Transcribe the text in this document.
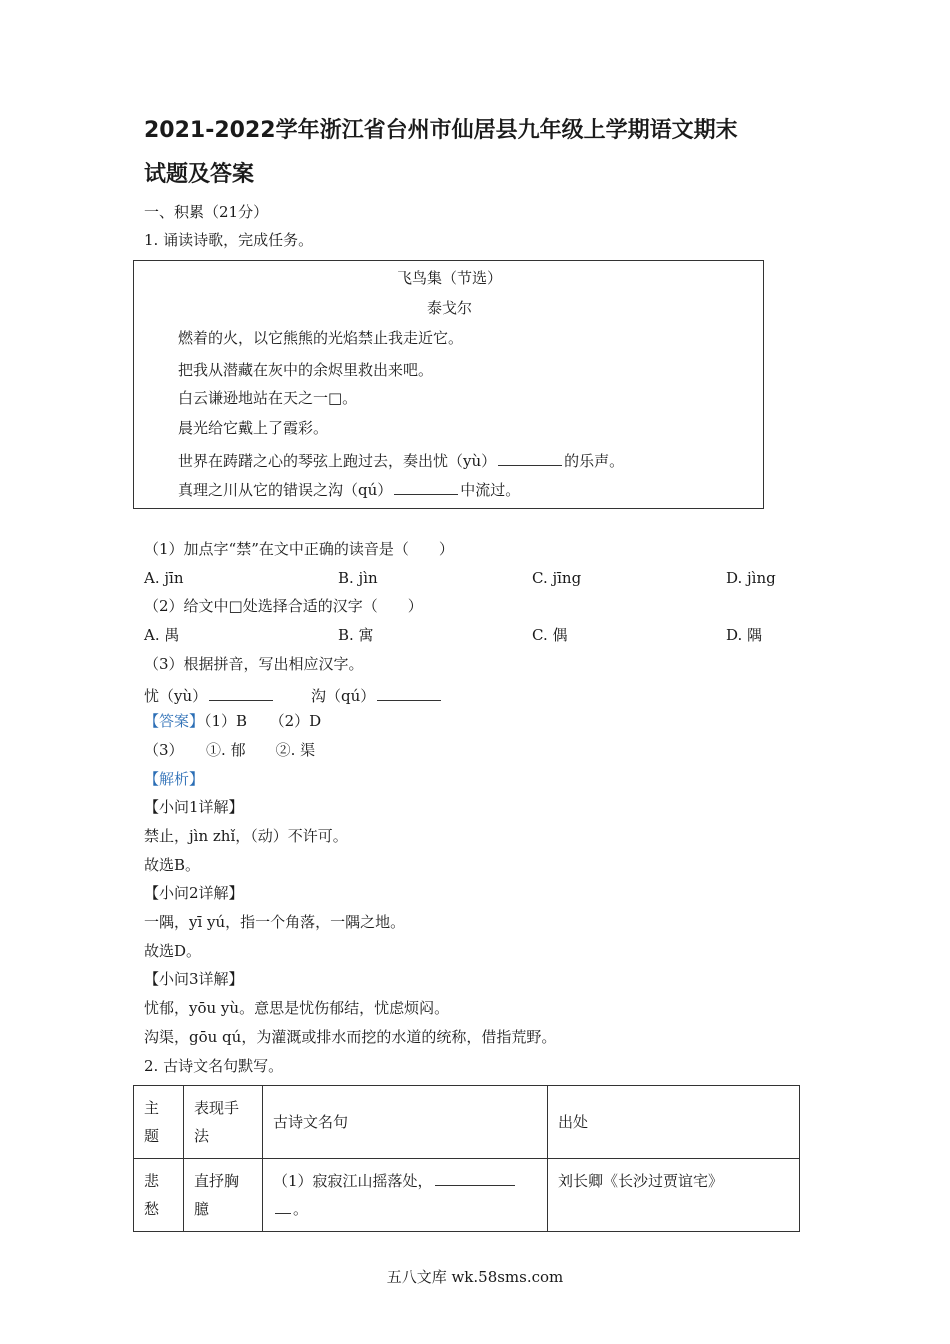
2021-2022学年浙江省台州市仙居县九年级上学期语文期末
试题及答案
一、积累（21分）
1. 诵读诗歌，完成任务。
飞鸟集（节选）
泰戈尔
燃着的火，以它熊熊的光焰禁止我走近它。
把我从潜藏在灰中的余烬里救出来吧。
白云谦逊地站在天之一□。
晨光给它戴上了霞彩。
世界在踌躇之心的琴弦上跑过去，奏出忧（yù）	的乐声。
真理之川从它的错误之沟（qú）	中流过。
（1）加点字“禁”在文中正确的读音是（　　）
A. jīn	B. jìn	C. jīng	D. jìng
（2）给文中□处选择合适的汉字（　　）
A. 禺	B. 寓	C. 偶	D. 隅
（3）根据拼音，写出相应汉字。
忧（yù）	沟（qú）
【答案】（1）B　　（2）D
（3）　　①. 郁　　②. 渠
【解析】
【小问1详解】
禁止，jìn zhǐ，（动）不许可。
故选B。
【小问2详解】
一隅，yī yú，指一个角落，一隅之地。
故选D。
【小问3详解】
忧郁，yōu yù。意思是忧伤郁结，忧虑烦闷。
沟渠，gōu qú，为灌溉或排水而挖的水道的统称，借指荒野。
2. 古诗文名句默写。
主题	表现手法	古诗文名句	出处
悲愁	直抒胸臆	（1）寂寂江山摇落处，
。	刘长卿《长沙过贾谊宅》
五八文库 wk.58sms.com
